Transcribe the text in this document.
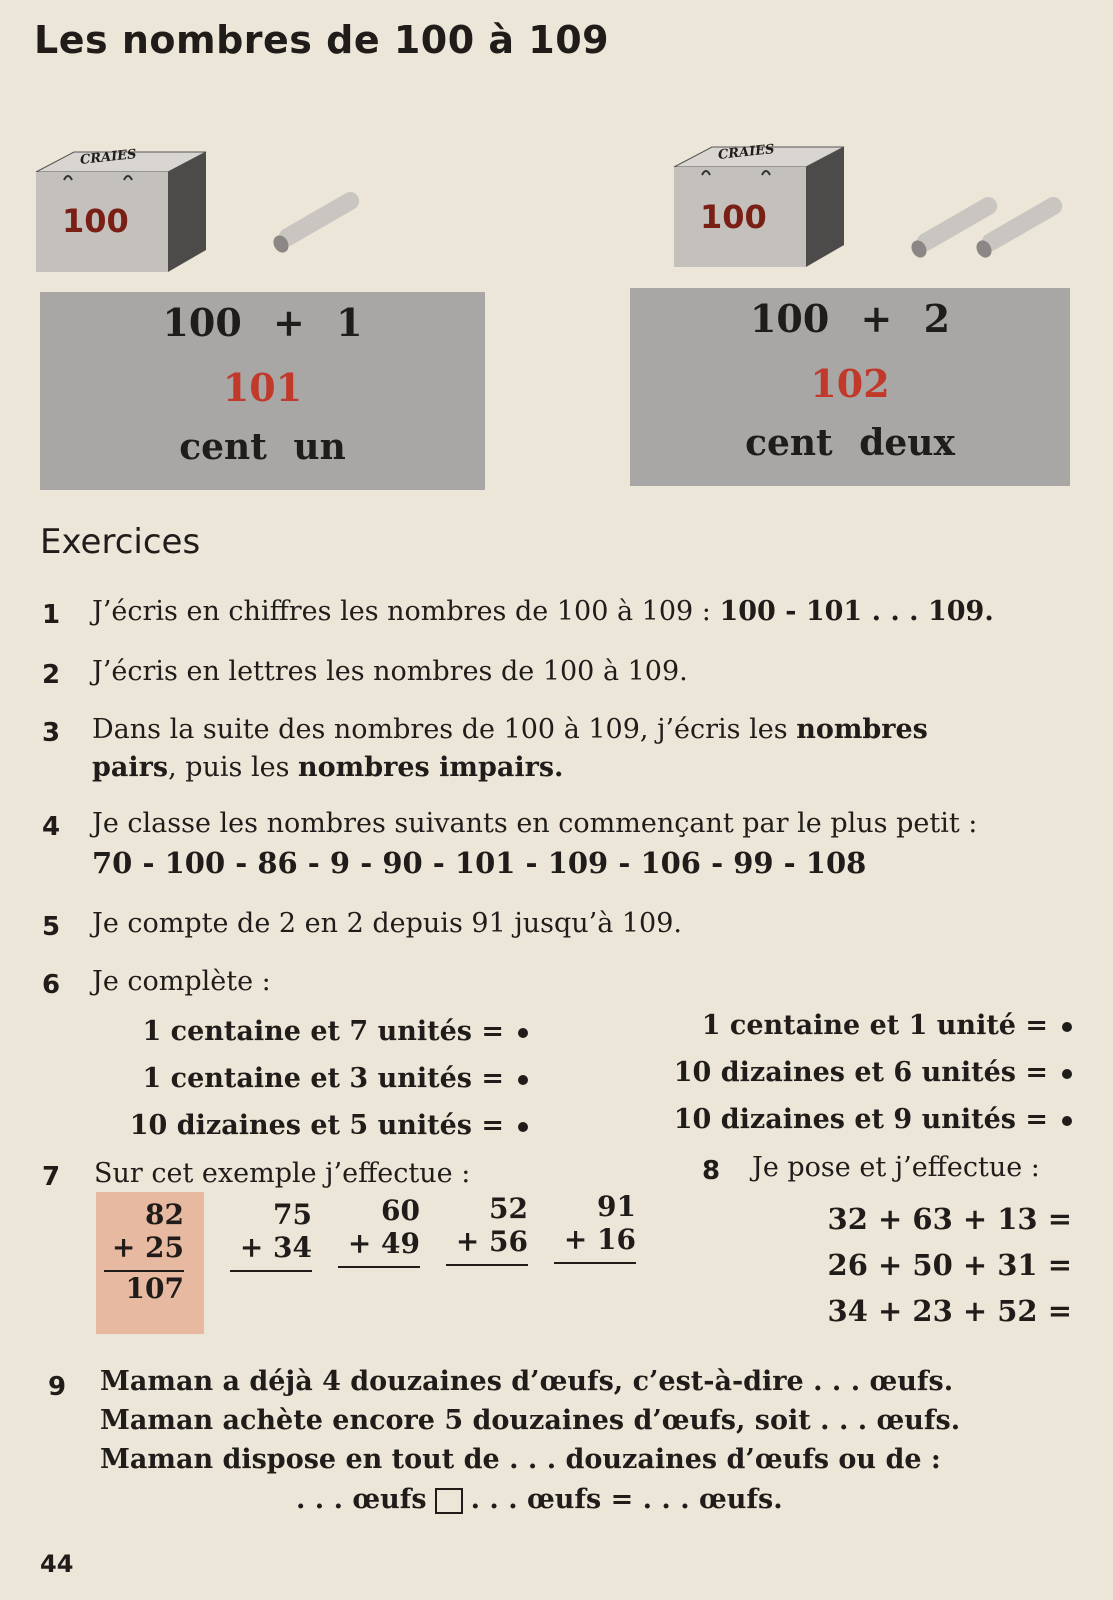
Les nombres de 100 à 109
CRAIES
100
CRAIES
100
100 + 1
101
cent un
100 + 2
102
cent deux
Exercices
1 J’écris en chiffres les nombres de 100 à 109 : 100 - 101 . . . 109.
2 J’écris en lettres les nombres de 100 à 109.
3 Dans la suite des nombres de 100 à 109, j’écris les nombres
pairs, puis les nombres impairs.
4 Je classe les nombres suivants en commençant par le plus petit :
70 - 100 - 86 - 9 - 90 - 101 - 109 - 106 - 99 - 108
5 Je compte de 2 en 2 depuis 91 jusqu’à 109.
6 Je complète :
1 centaine et 7 unités =
1 centaine et 3 unités =
10 dizaines et 5 unités =
1 centaine et 1 unité =
10 dizaines et 6 unités =
10 dizaines et 9 unités =
7 Sur cet exemple j’effectue :
82
+ 25
107
75
+ 34
60
+ 49
52
+ 56
91
+ 16
8 Je pose et j’effectue :
32 + 63 + 13 =
26 + 50 + 31 =
34 + 23 + 52 =
9 Maman a déjà 4 douzaines d’œufs, c’est-à-dire . . . œufs.
Maman achète encore 5 douzaines d’œufs, soit . . . œufs.
Maman dispose en tout de . . . douzaines d’œufs ou de :
. . . œufs . . . œufs = . . . œufs.
44
